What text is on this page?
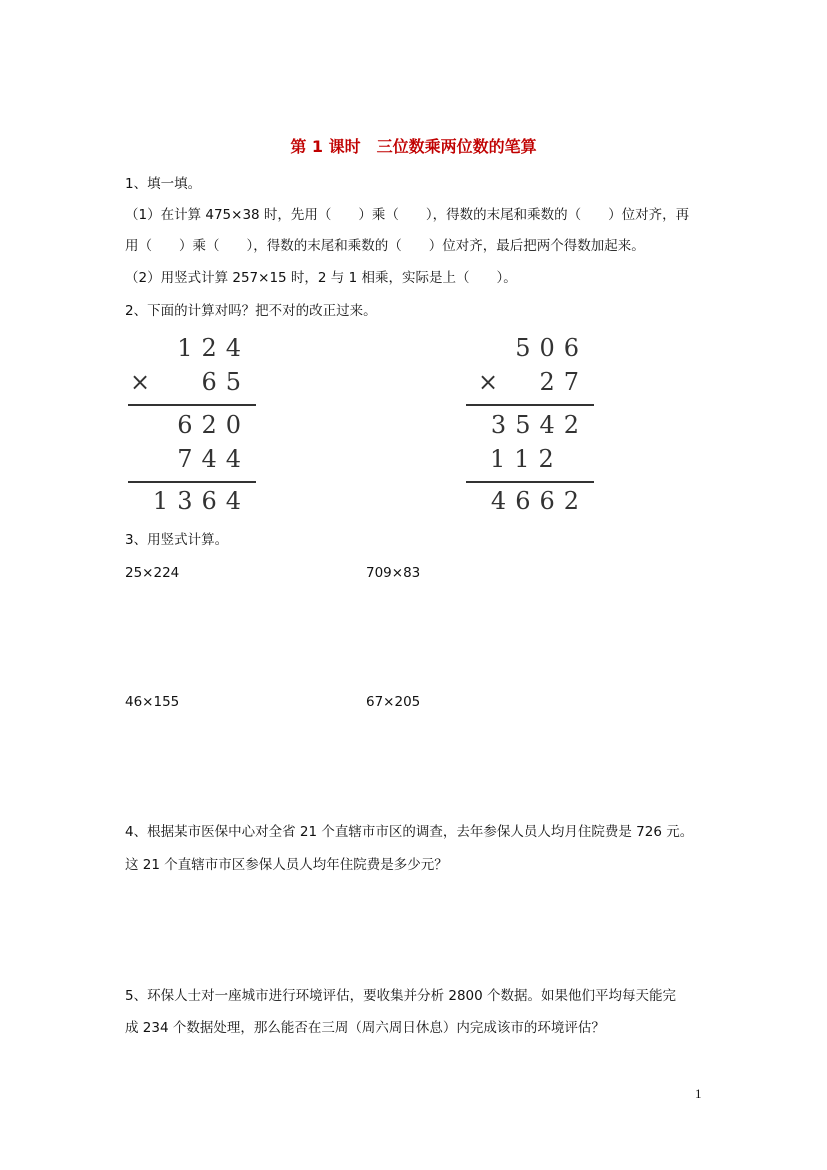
第 1 课时　三位数乘两位数的笔算
1、填一填。
（1）在计算 475×38 时，先用（　　）乘（　　），得数的末尾和乘数的（　　）位对齐，再
用（　　）乘（　　），得数的末尾和乘数的（　　）位对齐，最后把两个得数加起来。
（2）用竖式计算 257×15 时，2 与 1 相乘，实际是上（　　）。
2、下面的计算对吗？把不对的改正过来。
124
× 65
620
744
1364
506
× 27
3542
112
4662
3、用竖式计算。
25×224	709×83
46×155	67×205
4、根据某市医保中心对全省 21 个直辖市市区的调查，去年参保人员人均月住院费是 726 元。
这 21 个直辖市市区参保人员人均年住院费是多少元？
5、环保人士对一座城市进行环境评估，要收集并分析 2800 个数据。如果他们平均每天能完
成 234 个数据处理，那么能否在三周（周六周日休息）内完成该市的环境评估？
1
